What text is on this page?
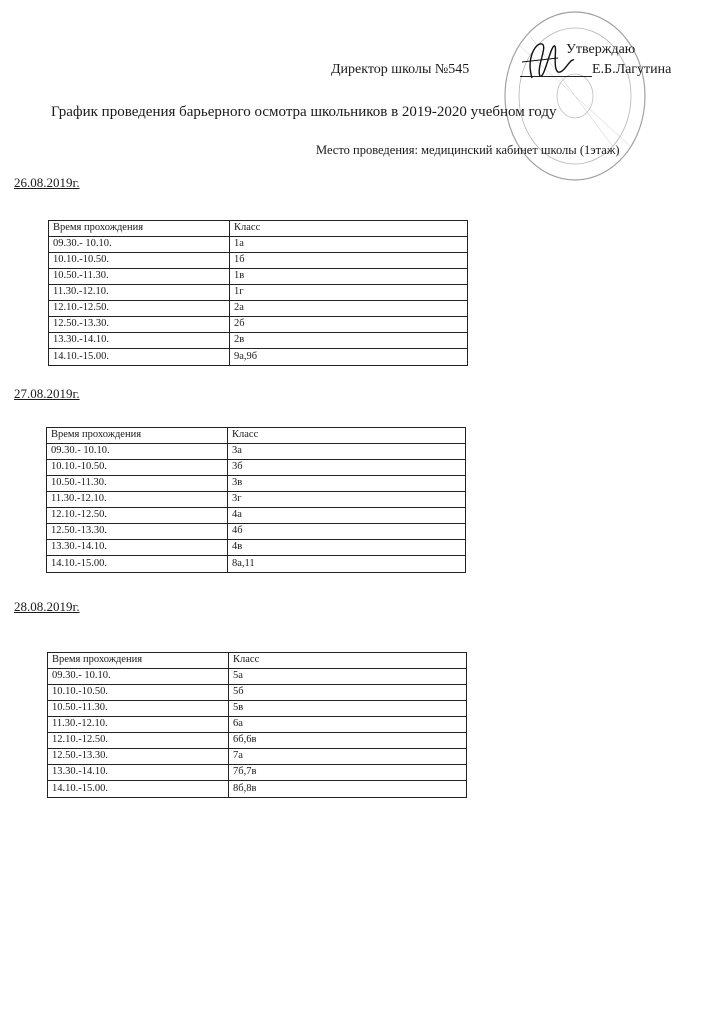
Утверждаю
Директор школы №545	Е.Б.Лагутина
График проведения барьерного осмотра школьников в 2019-2020 учебном году
Место проведения: медицинский кабинет школы (1этаж)
26.08.2019г.
Время прохождения	Класс
09.30.- 10.10.	1а
10.10.-10.50.	1б
10.50.-11.30.	1в
11.30.-12.10.	1г
12.10.-12.50.	2а
12.50.-13.30.	2б
13.30.-14.10.	2в
14.10.-15.00.	9а,9б
27.08.2019г.
Время прохождения	Класс
09.30.- 10.10.	3а
10.10.-10.50.	3б
10.50.-11.30.	3в
11.30.-12.10.	3г
12.10.-12.50.	4а
12.50.-13.30.	4б
13.30.-14.10.	4в
14.10.-15.00.	8а,11
28.08.2019г.
Время прохождения	Класс
09.30.- 10.10.	5а
10.10.-10.50.	5б
10.50.-11.30.	5в
11.30.-12.10.	6а
12.10.-12.50.	6б,6в
12.50.-13.30.	7а
13.30.-14.10.	7б,7в
14.10.-15.00.	8б,8в
